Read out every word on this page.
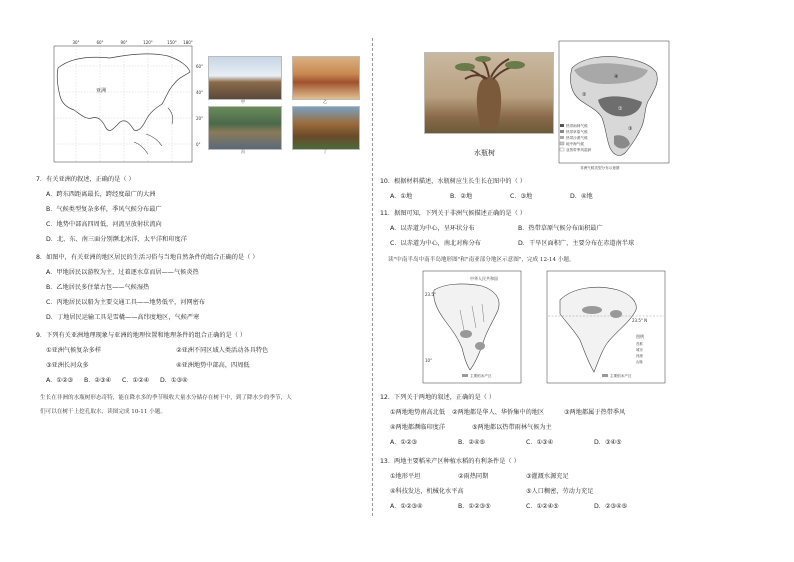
30°	60°	90°	120°	150° 180°
亚洲
60°
40°
20°
0°
甲	乙
丙	丁
7．有关亚洲的叙述，正确的是（ ）
A．跨东西距离最长，跨经度最广的大洲
B．气候类型复杂多样，季风气候分布最广
C．地势中部高四周低，河流呈放射状流向
D．北、东、南三面分别濒北冰洋、太平洋和印度洋
8．如图中，有关亚洲的地区居民的生活习俗与当地自然条件的组合正确的是（ ）
A．甲地居民以游牧为主，过着逐水草而居——气候炎热
B．乙地居民多住蒙古包——气候湿热
C．丙地居民以船为主要交通工具——地势低平，河网密布
D．丁地居民运输工具是雪橇——高纬度地区，气候严寒
9．下列有关亚洲地理现象与亚洲的地理位置和地理条件的组合正确的是（ ）
①亚洲气候复杂多样	②亚洲不同区域人类活动各具特色
③亚洲长河众多	④亚洲地势中部高，四周低
A．①②③	B．②③④	C．①②④	D．①③④
生长在非洲的水瓶树形态奇特，能在降水多的季节吸收大量水分储存在树干中，到了降水少的季节，人
们可以在树干上挖孔取水，读图完成 10-11 小题。
水瓶树
④
②
①
③
热带雨林气候
热带草原气候
热带沙漠气候
地中海气候
亚热带季风湿润
非洲气候类型分布示意图
10．根据材料描述，水瓶树应生长生长在图中的（ ）
A．①地	B．②地	C．③地	D．④地
11．据图可知，下列关于非洲气候描述正确的是（ ）
A．以赤道为中心，呈环状分布	B．热带草原气候分布面积最广
C．以赤道为中心，南北对称分布	D．干旱区面积广，主要分布在赤道南半球
读"中南半岛中南半岛地形图"和"南亚部分地区示意图"，完成 12-14 小题。
中华人民共和国
23.5°
10°
主要稻米产区
23.5° N
图例
首都
城市
河流
山脉
主要稻米产区
12．下列关于两地的叙述，正确的是（ ）
①两地地势南高北低	②两地都是华人、华侨集中的地区	③两地都属于热带季风
④两地都濒临印度洋	⑤两地都以热带雨林气候为主
A．①②③	B．②④⑤	C．①③④	D．③④⑤
13．两地主要稻米产区种植水稻的有利条件是（ ）
①地形平坦	②雨热同期	③灌溉水源充足
④科技发达，机械化水平高	⑤人口稠密，劳动力充足
A．①②③④	B．①②③⑤	C．①②④⑤	D．②③④⑤
